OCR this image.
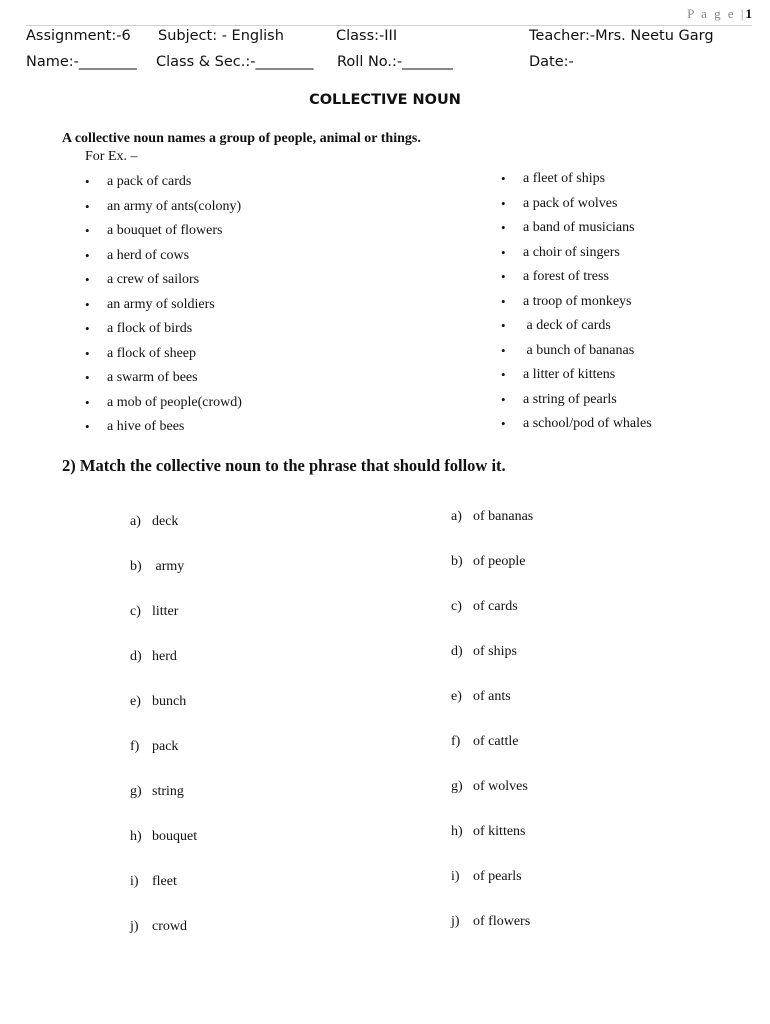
P a g e |1
Assignment:-6 Subject: - English	Class:-III	Teacher:-Mrs. Neetu Garg
Name:-________ Class & Sec.:-________ Roll No.:-_______	Date:-
COLLECTIVE NOUN
A collective noun names a group of people, animal or things.
For Ex. –
• a pack of cards
• an army of ants(colony)
• a bouquet of flowers
• a herd of cows
• a crew of sailors
• an army of soldiers
• a flock of birds
• a flock of sheep
• a swarm of bees
• a mob of people(crowd)
• a hive of bees
• a fleet of ships
• a pack of wolves
• a band of musicians
• a choir of singers
• a forest of tress
• a troop of monkeys
•  a deck of cards
•  a bunch of bananas
• a litter of kittens
• a string of pearls
• a school/pod of whales
2) Match the collective noun to the phrase that should follow it.
a) deck
b) army
c) litter
d) herd
e) bunch
f) pack
g) string
h) bouquet
i) fleet
j) crowd
a) of bananas
b) of people
c) of cards
d) of ships
e) of ants
f) of cattle
g) of wolves
h) of kittens
i) of pearls
j) of flowers
